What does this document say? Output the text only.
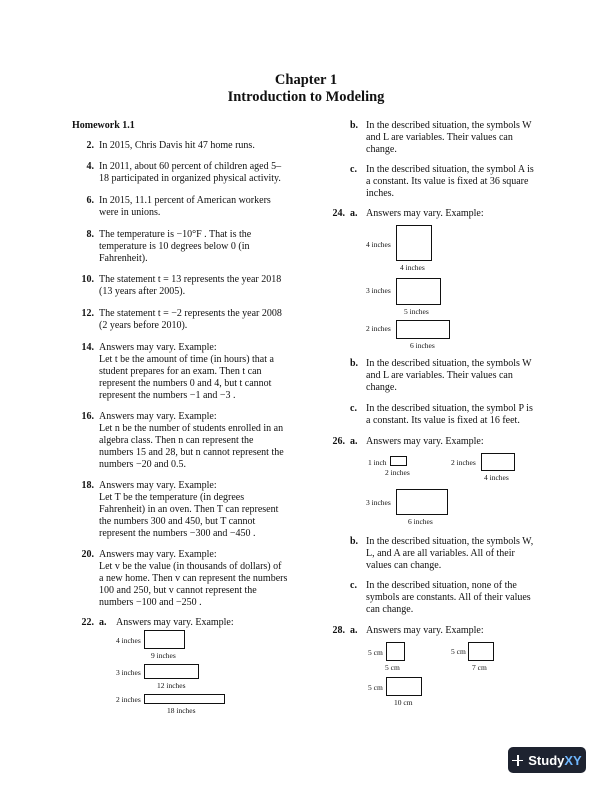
Chapter 1
Introduction to Modeling
Homework 1.1
2. In 2015, Chris Davis hit 47 home runs.
4. In 2011, about 60 percent of children aged 5–
18 participated in organized physical activity.
6. In 2015, 11.1 percent of American workers
were in unions.
8. The temperature is −10°F . That is the
temperature is 10 degrees below 0 (in
Fahrenheit).
10. The statement t = 13 represents the year 2018
(13 years after 2005).
12. The statement t = −2 represents the year 2008
(2 years before 2010).
14. Answers may vary. Example:
Let t be the amount of time (in hours) that a
student prepares for an exam. Then t can
represent the numbers 0 and 4, but t cannot
represent the numbers −1 and −3 .
16. Answers may vary. Example:
Let n be the number of students enrolled in an
algebra class. Then n can represent the
numbers 15 and 28, but n cannot represent the
numbers −20 and 0.5.
18. Answers may vary. Example:
Let T be the temperature (in degrees
Fahrenheit) in an oven. Then T can represent
the numbers 300 and 450, but T cannot
represent the numbers −300 and −450 .
20. Answers may vary. Example:
Let v be the value (in thousands of dollars) of
a new home. Then v can represent the numbers
100 and 250, but v cannot represent the
numbers −100 and −250 .
22. a. Answers may vary. Example:
4 inches
9 inches
3 inches
12 inches
2 inches
18 inches
b. In the described situation, the symbols W
and L are variables. Their values can
change.
c. In the described situation, the symbol A is
a constant. Its value is fixed at 36 square
inches.
24. a. Answers may vary. Example:
4 inches
4 inches
3 inches
5 inches
2 inches
6 inches
b. In the described situation, the symbols W
and L are variables. Their values can
change.
c. In the described situation, the symbol P is
a constant. Its value is fixed at 16 feet.
26. a. Answers may vary. Example:
1 inch
2 inches
2 inches
4 inches
3 inches
6 inches
b. In the described situation, the symbols W,
L, and A are all variables. All of their
values can change.
c. In the described situation, none of the
symbols are constants. All of their values
can change.
28. a. Answers may vary. Example:
5 cm
5 cm
5 cm
7 cm
5 cm
10 cm
Study XY
